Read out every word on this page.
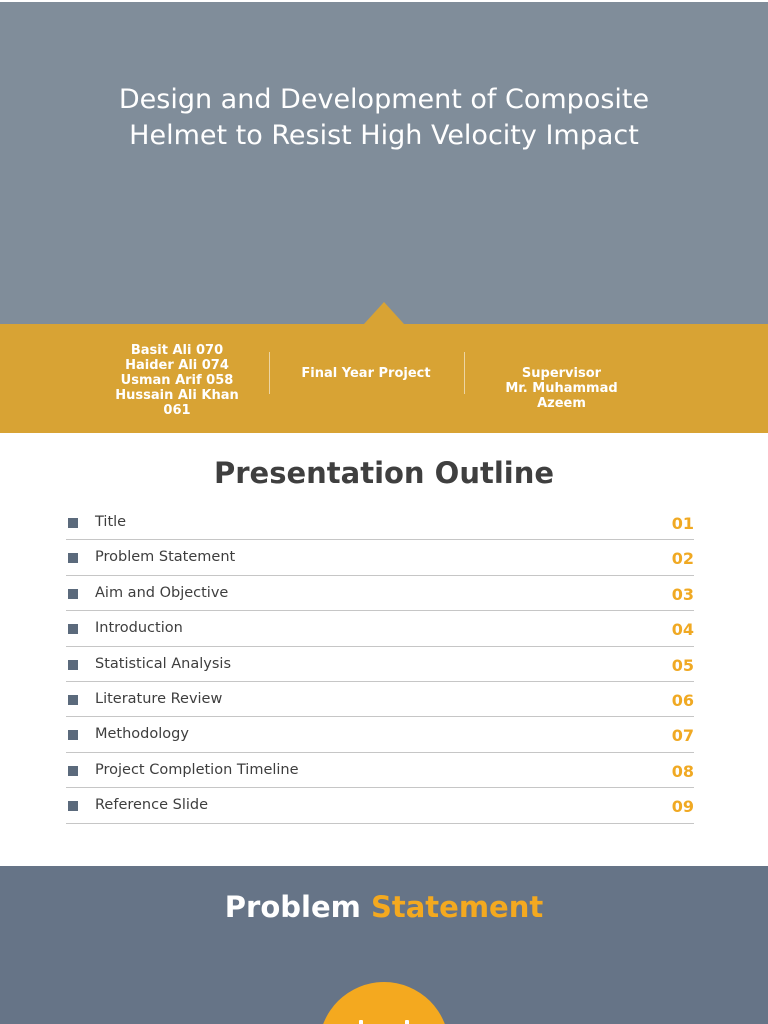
Design and Development of Composite
Helmet to Resist High Velocity Impact
Basit Ali 070
Haider Ali 074
Usman Arif 058
Hussain Ali Khan
061
Final Year Project	Supervisor
Mr. Muhammad
Azeem
Presentation Outline
Title	01
Problem Statement	02
Aim and Objective	03
Introduction	04
Statistical Analysis	05
Literature Review	06
Methodology	07
Project Completion Timeline	08
Reference Slide	09
Problem Statement
